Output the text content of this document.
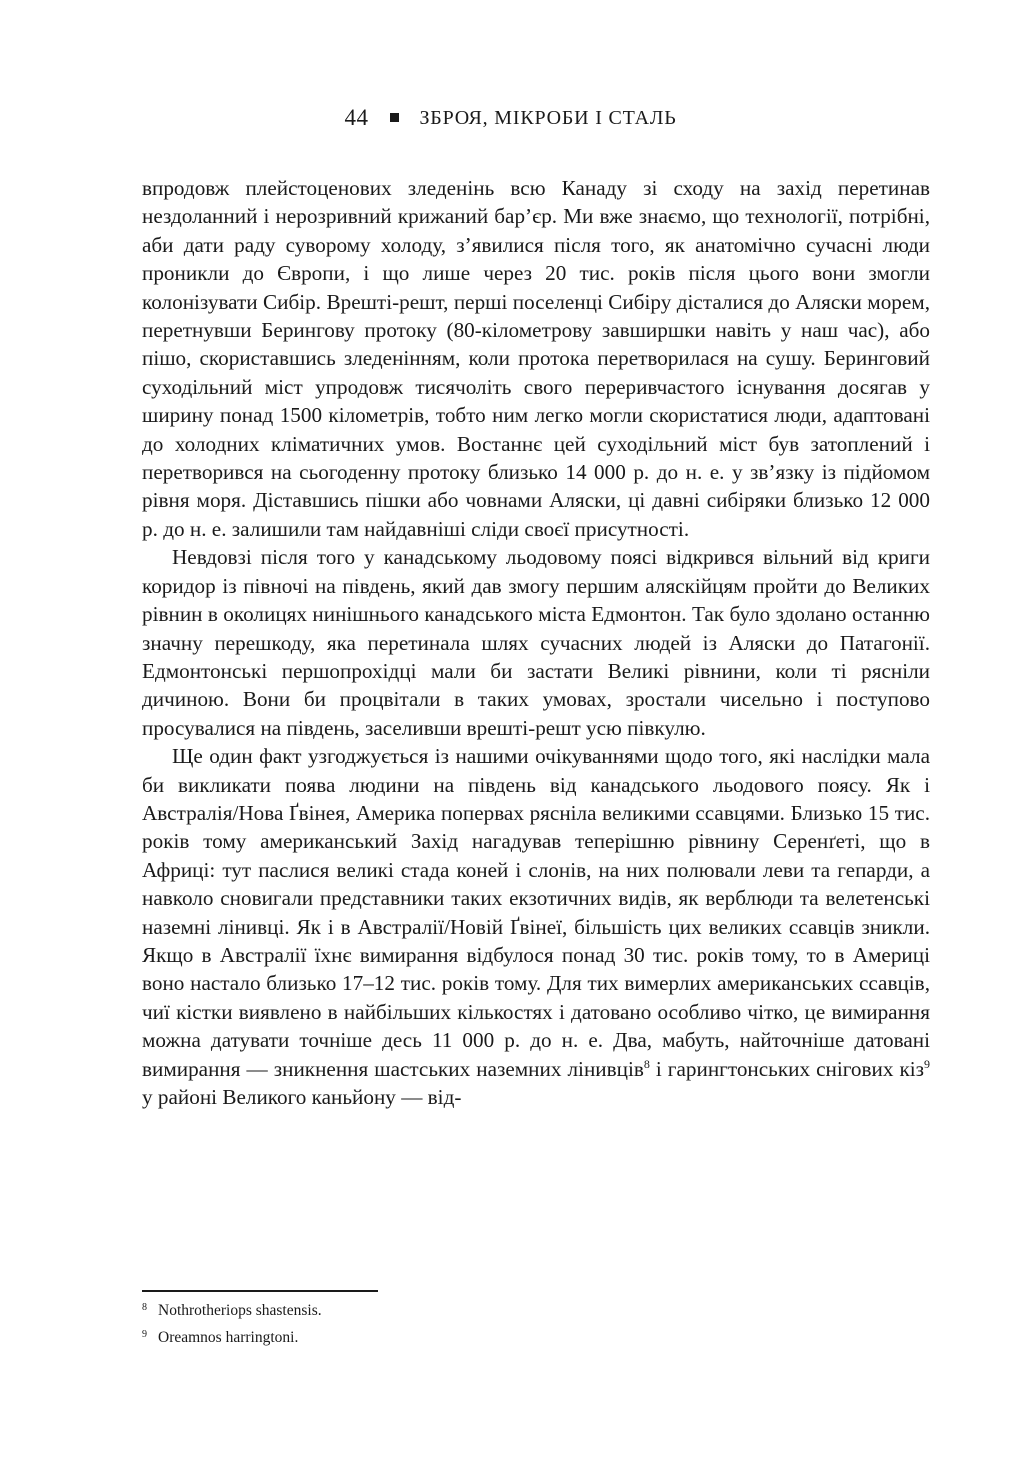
44	ЗБРОЯ, МІКРОБИ І СТАЛЬ

впродовж плейстоценових зледенінь всю Канаду зі сходу на захід перетинав нездоланний і нерозривний крижаний бар’єр. Ми вже знаємо, що технології, потрібні, аби дати раду суворому холоду, з’явилися після того, як анатомічно сучасні люди проникли до Європи, і що лише через 20 тис. років після цього вони змогли колонізувати Сибір. Врешті-решт, перші поселенці Сибіру дісталися до Аляски морем, перетнувши Берингову протоку (80-кілометрову завширшки навіть у наш час), або пішо, скориставшись зледенінням, коли протока перетворилася на сушу. Беринговий суходільний міст упродовж тисячоліть свого переривчастого існування досягав у ширину понад 1500 кілометрів, тобто ним легко могли скористатися люди, адаптовані до холодних кліматичних умов. Востаннє цей суходільний міст був затоплений і перетворився на сьогоденну протоку близько 14 000 р. до н. е. у зв’язку із підйомом рівня моря. Діставшись пішки або човнами Аляски, ці давні сибіряки близько 12 000 р. до н. е. залишили там найдавніші сліди своєї присутності.

Невдовзі після того у канадському льодовому поясі відкрився вільний від криги коридор із півночі на південь, який дав змогу першим аляскійцям пройти до Великих рівнин в околицях нинішнього канадського міста Едмонтон. Так було здолано останню значну перешкоду, яка перетинала шлях сучасних людей із Аляски до Патагонії. Едмонтонські першопрохідці мали би застати Великі рівнини, коли ті рясніли дичиною. Вони би процвітали в таких умовах, зростали чисельно і поступово просувалися на південь, заселивши врешті-решт усю півкулю.

Ще один факт узгоджується із нашими очікуваннями щодо того, які наслідки мала би викликати поява людини на південь від канадського льодового поясу. Як і Австралія/Нова Ґвінея, Америка попервах рясніла великими ссавцями. Близько 15 тис. років тому американський Захід нагадував теперішню рівнину Серенґеті, що в Африці: тут паслися великі стада коней і слонів, на них полювали леви та гепарди, а навколо сновигали представники таких екзотичних видів, як верблюди та велетенські наземні лінивці. Як і в Австралії/Новій Ґвінеї, більшість цих великих ссавців зникли. Якщо в Австралії їхнє вимирання відбулося понад 30 тис. років тому, то в Америці воно настало близько 17–12 тис. років тому. Для тих вимерлих американських ссавців, чиї кістки виявлено в найбільших кількостях і датовано особливо чітко, це вимирання можна датувати точніше десь 11 000 р. до н. е. Два, мабуть, найточніше датовані вимирання — зникнення шастських наземних лінивців$^8$ і гарингтонських снігових кіз$^9$ у районі Великого каньйону — від-

8 Nothrotheriops shastensis.

9 Oreamnos harringtoni.
